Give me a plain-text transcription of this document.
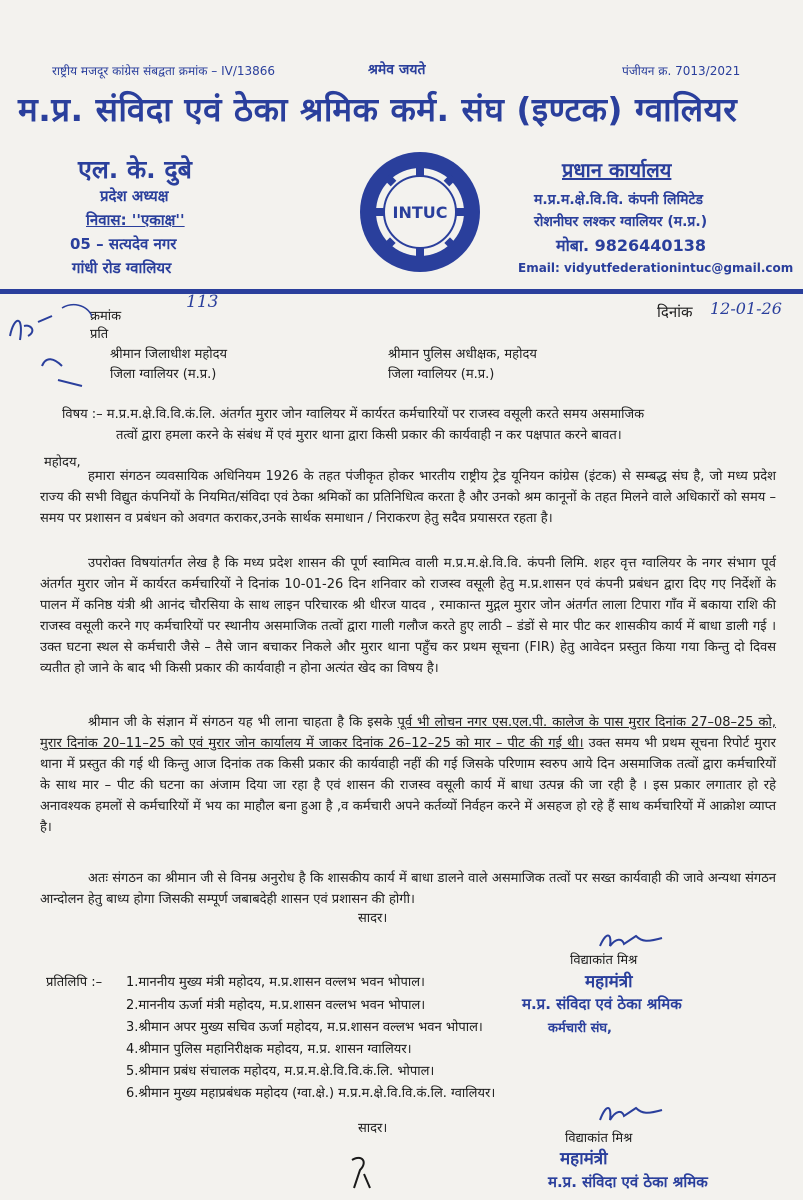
राष्ट्रीय मजदूर कांग्रेस संबद्वता क्रमांक – IV/13866	श्रमेव जयते	पंजीयन क्र. 7013/2021
म.प्र. संविदा एवं ठेका श्रमिक कर्म. संघ (इण्टक) ग्वालियर
एल. के. दुबे
प्रदेश अध्यक्ष
निवास: ''एकाक्ष''
05 – सत्यदेव नगर
गांधी रोड ग्वालियर
INTUC
प्रधान कार्यालय
म.प्र.म.क्षे.वि.वि. कंपनी लिमिटेड
रोशनीघर लश्कर ग्वालियर (म.प्र.)
मोबा. 9826440138
Email: vidyutfederationintuc@gmail.com
क्रमांक
113
प्रति
दिनांक 12-01-26
श्रीमान जिलाधीश महोदय
जिला ग्वालियर (म.प्र.)
श्रीमान पुलिस अधीक्षक, महोदय
जिला ग्वालियर (म.प्र.)
विषय :– म.प्र.म.क्षे.वि.वि.कं.लि. अंतर्गत मुरार जोन ग्वालियर में कार्यरत कर्मचारियों पर राजस्व वसूली करते समय असमाजिक
तत्वों द्वारा हमला करने के संबंध में एवं मुरार थाना द्वारा किसी प्रकार की कार्यवाही न कर पक्षपात करने बावत।
महोदय,
हमारा संगठन व्यवसायिक अधिनियम 1926 के तहत पंजीकृत होकर भारतीय राष्ट्रीय ट्रेड यूनियन कांग्रेस (इंटक) से सम्बद्ध संघ है, जो मध्य प्रदेश राज्य की सभी विद्युत कंपनियों के नियमित/संविदा एवं ठेका श्रमिकों का प्रतिनिधित्व करता है और उनको श्रम कानूनों के तहत मिलने वाले अधिकारों को समय – समय पर प्रशासन व प्रबंधन को अवगत कराकर,उनके सार्थक समाधान / निराकरण हेतु सदैव प्रयासरत रहता है।
उपरोक्त विषयांतर्गत लेख है कि मध्य प्रदेश शासन की पूर्ण स्वामित्व वाली म.प्र.म.क्षे.वि.वि. कंपनी लिमि. शहर वृत्त ग्वालियर के नगर संभाग पूर्व अंतर्गत मुरार जोन में कार्यरत कर्मचारियों ने दिनांक 10-01-26 दिन शनिवार को राजस्व वसूली हेतु म.प्र.शासन एवं कंपनी प्रबंधन द्वारा दिए गए निर्देशों के पालन में कनिष्ठ यंत्री श्री आनंद चौरसिया के साथ लाइन परिचारक श्री धीरज यादव , रमाकान्त मुद्गल मुरार जोन अंतर्गत लाला टिपारा गाँव में बकाया राशि की राजस्व वसूली करने गए कर्मचारियों पर स्थानीय असमाजिक तत्वों द्वारा गाली गलौज करते हुए लाठी – डंडों से मार पीट कर शासकीय कार्य में बाधा डाली गई । उक्त घटना स्थल से कर्मचारी जैसे – तैसे जान बचाकर निकले और मुरार थाना पहुँच कर प्रथम सूचना (FIR) हेतु आवेदन प्रस्तुत किया गया किन्तु दो दिवस व्यतीत हो जाने के बाद भी किसी प्रकार की कार्यवाही न होना अत्यंत खेद का विषय है।
श्रीमान जी के संज्ञान में संगठन यह भी लाना चाहता है कि इसके पूर्व भी लोचन नगर एस.एल.पी. कालेज के पास मुरार दिनांक 27–08–25 को, मुरार दिनांक 20–11–25 को एवं मुरार जोन कार्यालय में जाकर दिनांक 26–12–25 को मार – पीट की गई थी। उक्त समय भी प्रथम सूचना रिपोर्ट मुरार थाना में प्रस्तुत की गई थी किन्तु आज दिनांक तक किसी प्रकार की कार्यवाही नहीं की गई जिसके परिणाम स्वरुप आये दिन असमाजिक तत्वों द्वारा कर्मचारियों के साथ मार – पीट की घटना का अंजाम दिया जा रहा है एवं शासन की राजस्व वसूली कार्य में बाधा उत्पन्न की जा रही है । इस प्रकार लगातार हो रहे अनावश्यक हमलों से कर्मचारियों में भय का माहौल बना हुआ है ,व कर्मचारी अपने कर्तव्यों निर्वहन करने में असहज हो रहे हैं साथ कर्मचारियों में आक्रोश व्याप्त है।
अतः संगठन का श्रीमान जी से विनम्र अनुरोध है कि शासकीय कार्य में बाधा डालने वाले असमाजिक तत्वों पर सख्त कार्यवाही की जावे अन्यथा संगठन आन्दोलन हेतु बाध्य होगा जिसकी सम्पूर्ण जबाबदेही शासन एवं प्रशासन की होगी।
सादर।
विद्याकांत मिश्र
महामंत्री
म.प्र. संविदा एवं ठेका श्रमिक
कर्मचारी संघ,
प्रतिलिपि :– 1.माननीय मुख्य मंत्री महोदय, म.प्र.शासन वल्लभ भवन भोपाल।
2.माननीय ऊर्जा मंत्री महोदय, म.प्र.शासन वल्लभ भवन भोपाल।
3.श्रीमान अपर मुख्य सचिव ऊर्जा महोदय, म.प्र.शासन वल्लभ भवन भोपाल।
4.श्रीमान पुलिस महानिरीक्षक महोदय, म.प्र. शासन ग्वालियर।
5.श्रीमान प्रबंध संचालक महोदय, म.प्र.म.क्षे.वि.वि.कं.लि. भोपाल।
6.श्रीमान मुख्य महाप्रबंधक महोदय (ग्वा.क्षे.) म.प्र.म.क्षे.वि.वि.कं.लि. ग्वालियर।
सादर।
विद्याकांत मिश्र
महामंत्री
म.प्र. संविदा एवं ठेका श्रमिक
